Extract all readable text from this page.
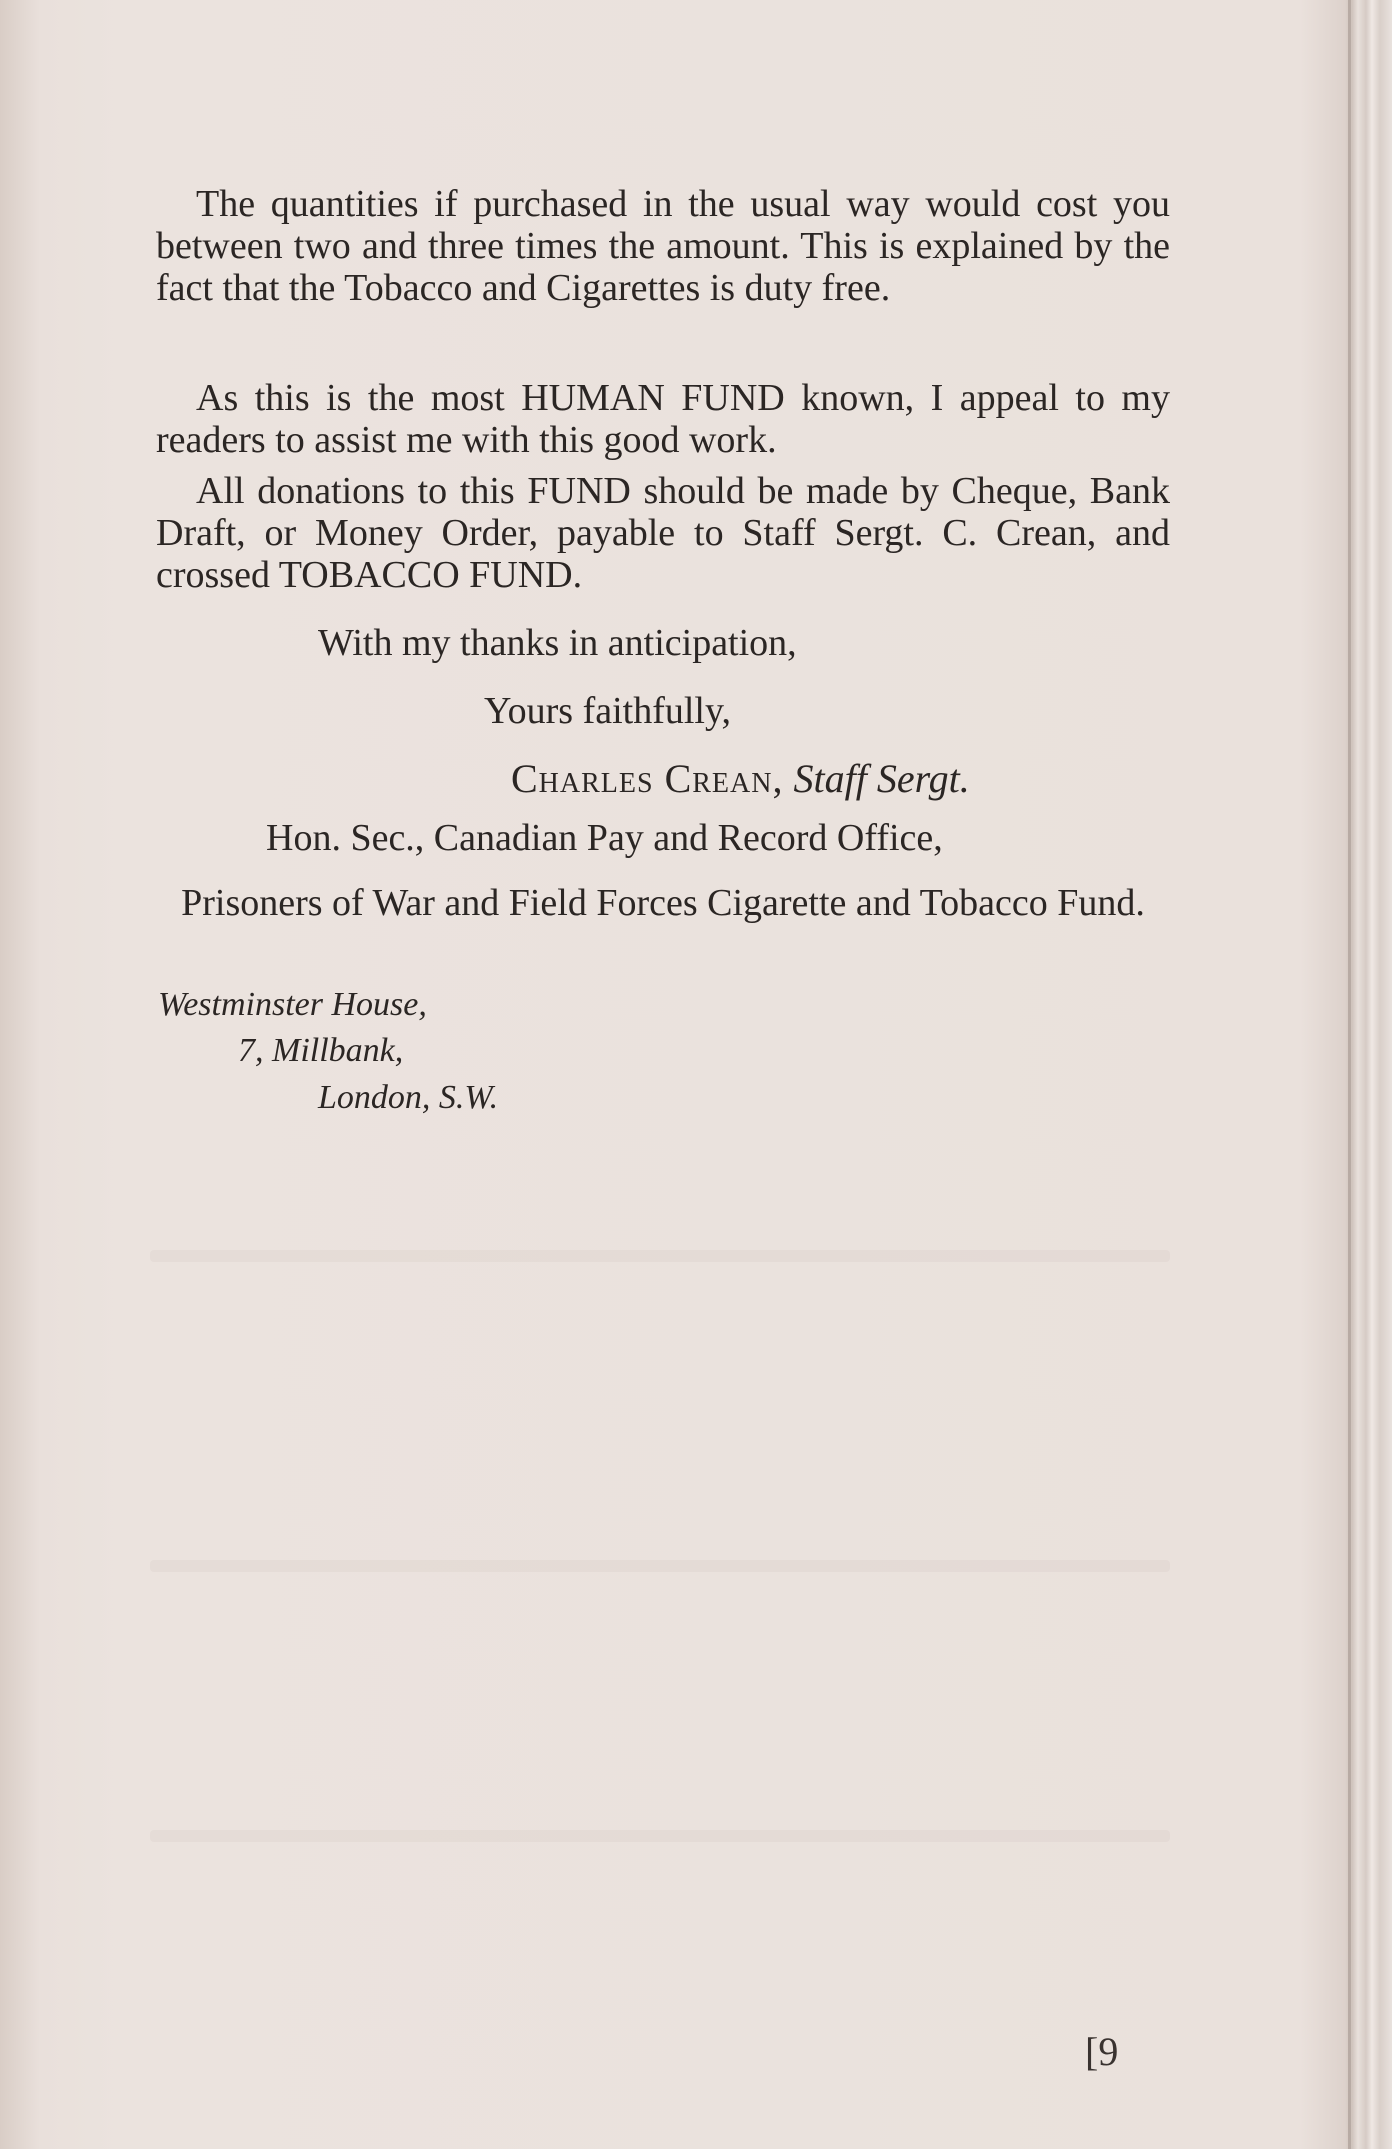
The quantities if purchased in the usual way would cost you between two and three times the amount. This is explained by the fact that the Tobacco and Cigarettes is duty free.

As this is the most HUMAN FUND known, I appeal to my readers to assist me with this good work.

All donations to this FUND should be made by Cheque, Bank Draft, or Money Order, payable to Staff Sergt. C. Crean, and crossed TOBACCO FUND.

With my thanks in anticipation,
Yours faithfully,
Charles Crean, Staff Sergt.
Hon. Sec., Canadian Pay and Record Office,

Prisoners of War and Field Forces Cigarette and Tobacco Fund.

Westminster House,
7, Millbank,
London, S.W.
[9
